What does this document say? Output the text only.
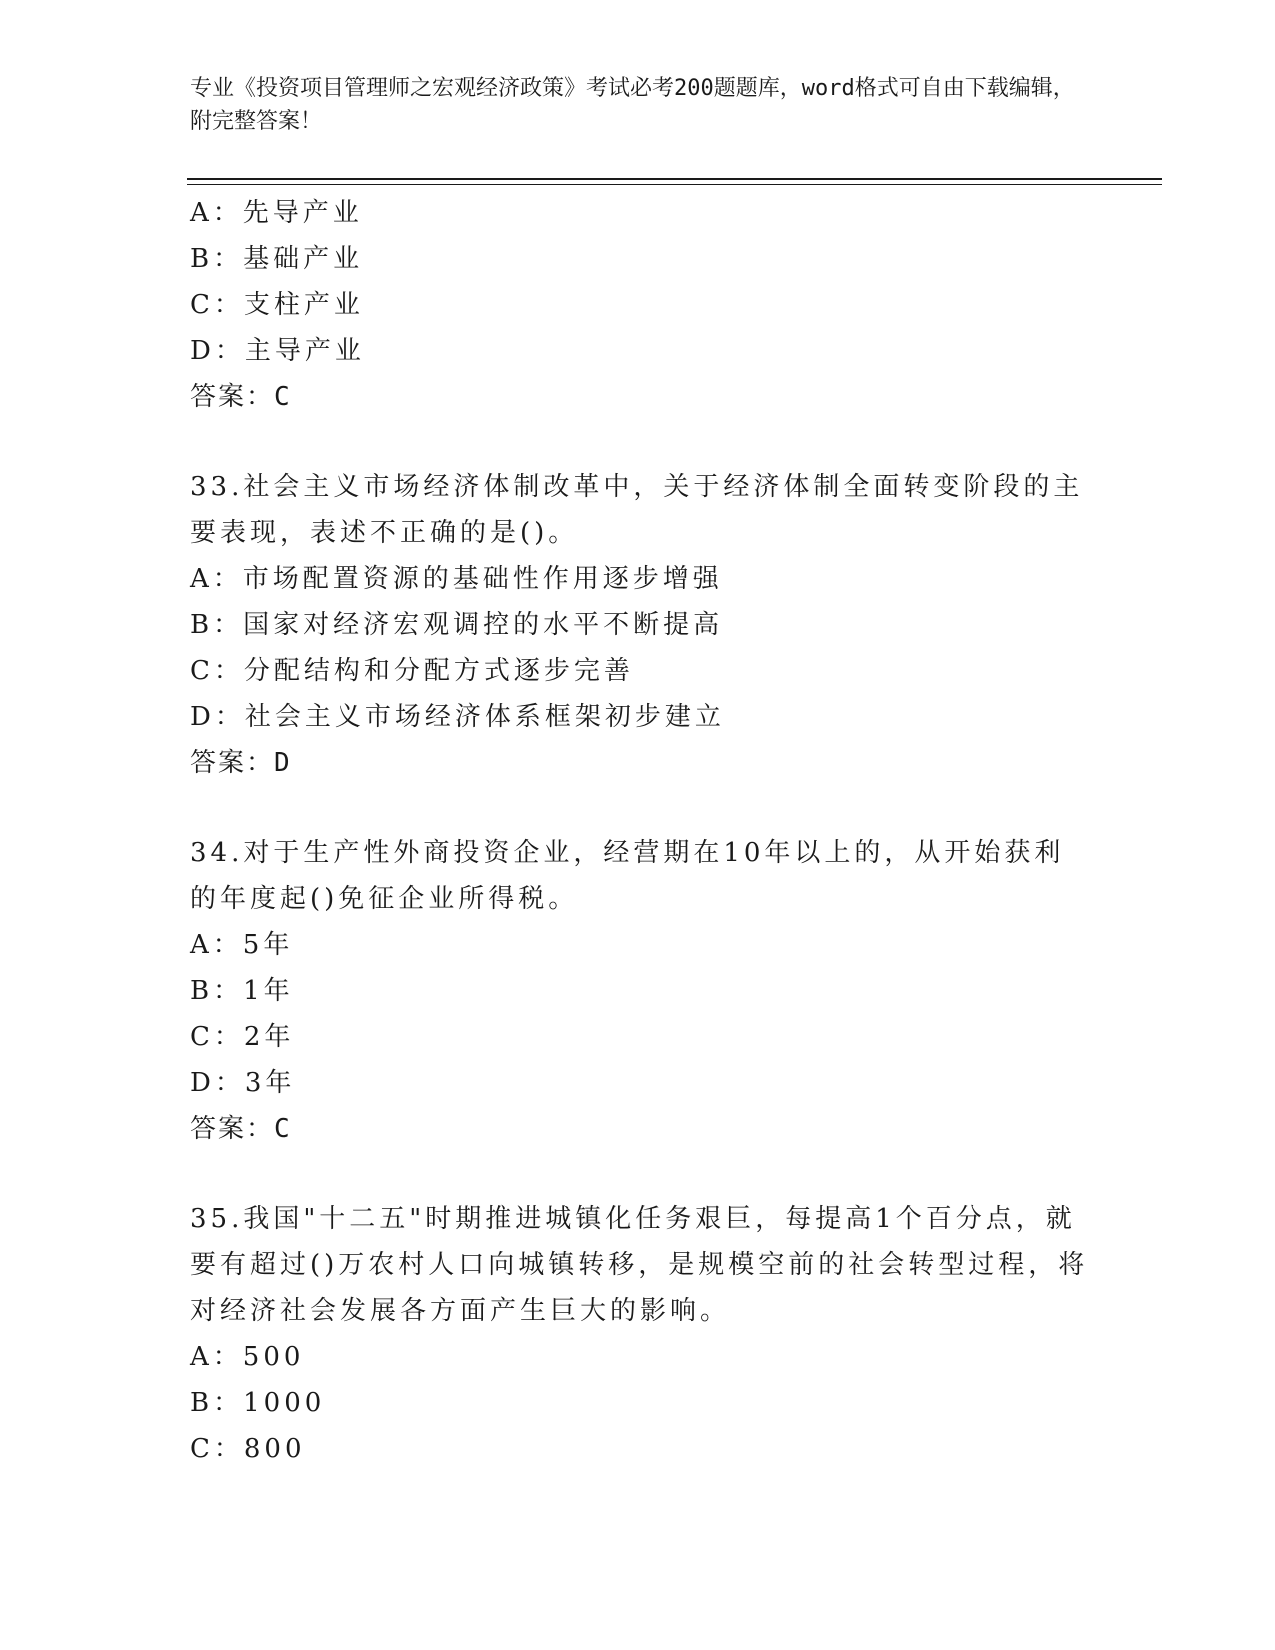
专业《投资项目管理师之宏观经济政策》考试必考200题题库，word格式可自由下载编辑，附完整答案！
A：先导产业
B：基础产业
C：支柱产业
D：主导产业
答案：C
33.社会主义市场经济体制改革中，关于经济体制全面转变阶段的主要表现，表述不正确的是()。
A：市场配置资源的基础性作用逐步增强
B：国家对经济宏观调控的水平不断提高
C：分配结构和分配方式逐步完善
D：社会主义市场经济体系框架初步建立
答案：D
34.对于生产性外商投资企业，经营期在10年以上的，从开始获利的年度起()免征企业所得税。
A：5年
B：1年
C：2年
D：3年
答案：C
35.我国"十二五"时期推进城镇化任务艰巨，每提高1个百分点，就要有超过()万农村人口向城镇转移，是规模空前的社会转型过程，将对经济社会发展各方面产生巨大的影响。
A：500
B：1000
C：800
